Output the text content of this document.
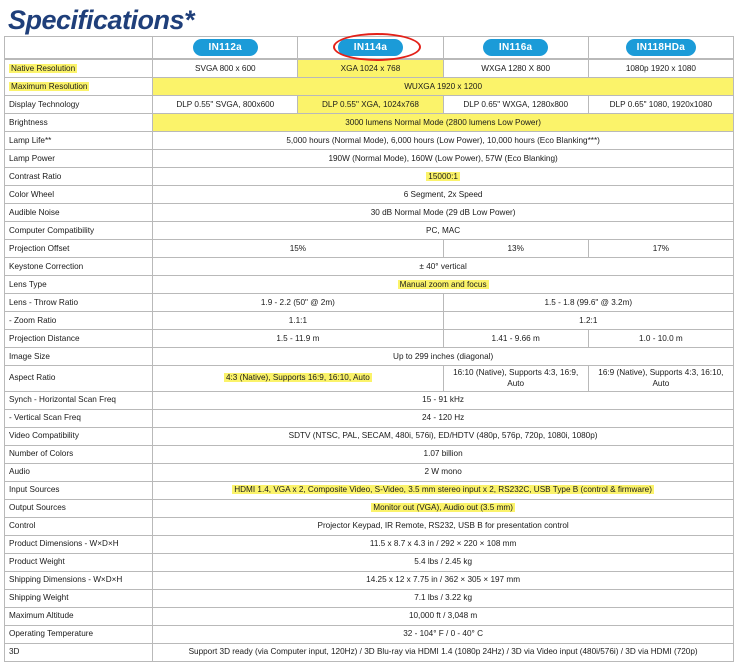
Specifications*
	IN112a	IN114a	IN116a	IN118HDa
Native Resolution	SVGA 800 x 600	XGA 1024 x 768	WXGA 1280 X 800	1080p 1920 x 1080
Maximum Resolution	WUXGA 1920 x 1200			
Display Technology	DLP 0.55" SVGA, 800x600	DLP 0.55" XGA, 1024x768	DLP 0.65" WXGA, 1280x800	DLP 0.65" 1080, 1920x1080
Brightness	3000 lumens Normal Mode (2800 lumens Low Power)			
Lamp Life**	5,000 hours (Normal Mode), 6,000 hours (Low Power), 10,000 hours (Eco Blanking***)			
Lamp Power	190W (Normal Mode), 160W (Low Power), 57W (Eco Blanking)			
Contrast Ratio	15000:1			
Color Wheel	6 Segment, 2x Speed			
Audible Noise	30 dB Normal Mode (29 dB Low Power)			
Computer Compatibility	PC, MAC			
Projection Offset	15%		13%	17%
Keystone Correction	± 40° vertical			
Lens Type	Manual zoom and focus			
Lens - Throw Ratio	1.9 - 2.2 (50" @ 2m)		1.5 - 1.8 (99.6" @ 3.2m)	
- Zoom Ratio	1.1:1		1.2:1	
Projection Distance	1.5 - 11.9 m		1.41 - 9.66 m	1.0 - 10.0 m
Image Size	Up to 299 inches (diagonal)			
Aspect Ratio	4:3 (Native), Supports 16:9, 16:10, Auto		16:10 (Native), Supports 4:3, 16:9, Auto	16:9 (Native), Supports 4:3, 16:10, Auto
Synch - Horizontal Scan Freq	15 - 91 kHz			
- Vertical Scan Freq	24 - 120 Hz			
Video Compatibility	SDTV (NTSC, PAL, SECAM, 480i, 576i), ED/HDTV (480p, 576p, 720p, 1080i, 1080p)			
Number of Colors	1.07 billion			
Audio	2 W mono			
Input Sources	HDMI 1.4, VGA x 2, Composite Video, S-Video, 3.5 mm stereo input x 2, RS232C, USB Type B (control & firmware)			
Output Sources	Monitor out (VGA), Audio out (3.5 mm)			
Control	Projector Keypad, IR Remote, RS232, USB B for presentation control			
Product Dimensions - W×D×H	11.5 x 8.7 x 4.3 in / 292 × 220 × 108 mm			
Product Weight	5.4 lbs / 2.45 kg			
Shipping Dimensions - W×D×H	14.25 x 12 x 7.75 in / 362 × 305 × 197 mm			
Shipping Weight	7.1 lbs / 3.22 kg			
Maximum Altitude	10,000 ft / 3,048 m			
Operating Temperature	32 - 104° F / 0 - 40° C			
3D	Support 3D ready (via Computer input, 120Hz) / 3D Blu-ray via HDMI 1.4 (1080p 24Hz) / 3D via Video input (480i/576i) / 3D via HDMI (720p)			
